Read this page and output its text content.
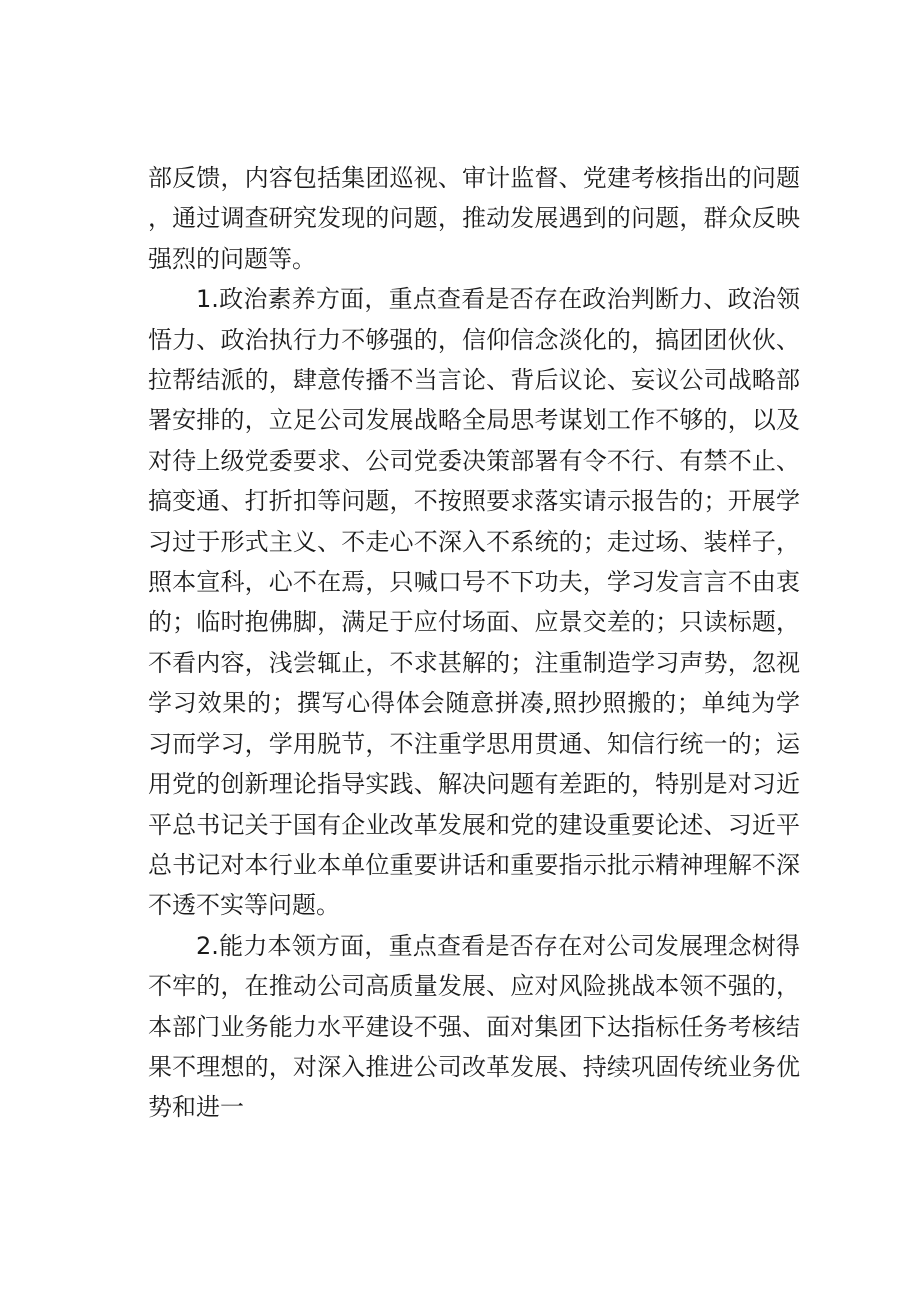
部反馈，内容包括集团巡视、审计监督、党建考核指出的问题，通过调查研究发现的问题，推动发展遇到的问题，群众反映强烈的问题等。

1.政治素养方面，重点查看是否存在政治判断力、政治领悟力、政治执行力不够强的，信仰信念淡化的，搞团团伙伙、拉帮结派的，肆意传播不当言论、背后议论、妄议公司战略部署安排的，立足公司发展战略全局思考谋划工作不够的，以及对待上级党委要求、公司党委决策部署有令不行、有禁不止、搞变通、打折扣等问题，不按照要求落实请示报告的；开展学习过于形式主义、不走心不深入不系统的；走过场、装样子，照本宣科，心不在焉，只喊口号不下功夫，学习发言言不由衷的；临时抱佛脚，满足于应付场面、应景交差的；只读标题，不看内容，浅尝辄止，不求甚解的；注重制造学习声势，忽视学习效果的；撰写心得体会随意拼凑,照抄照搬的；单纯为学习而学习，学用脱节，不注重学思用贯通、知信行统一的；运用党的创新理论指导实践、解决问题有差距的，特别是对习近平总书记关于国有企业改革发展和党的建设重要论述、习近平总书记对本行业本单位重要讲话和重要指示批示精神理解不深不透不实等问题。

2.能力本领方面，重点查看是否存在对公司发展理念树得不牢的，在推动公司高质量发展、应对风险挑战本领不强的，本部门业务能力水平建设不强、面对集团下达指标任务考核结果不理想的，对深入推进公司改革发展、持续巩固传统业务优势和进一
